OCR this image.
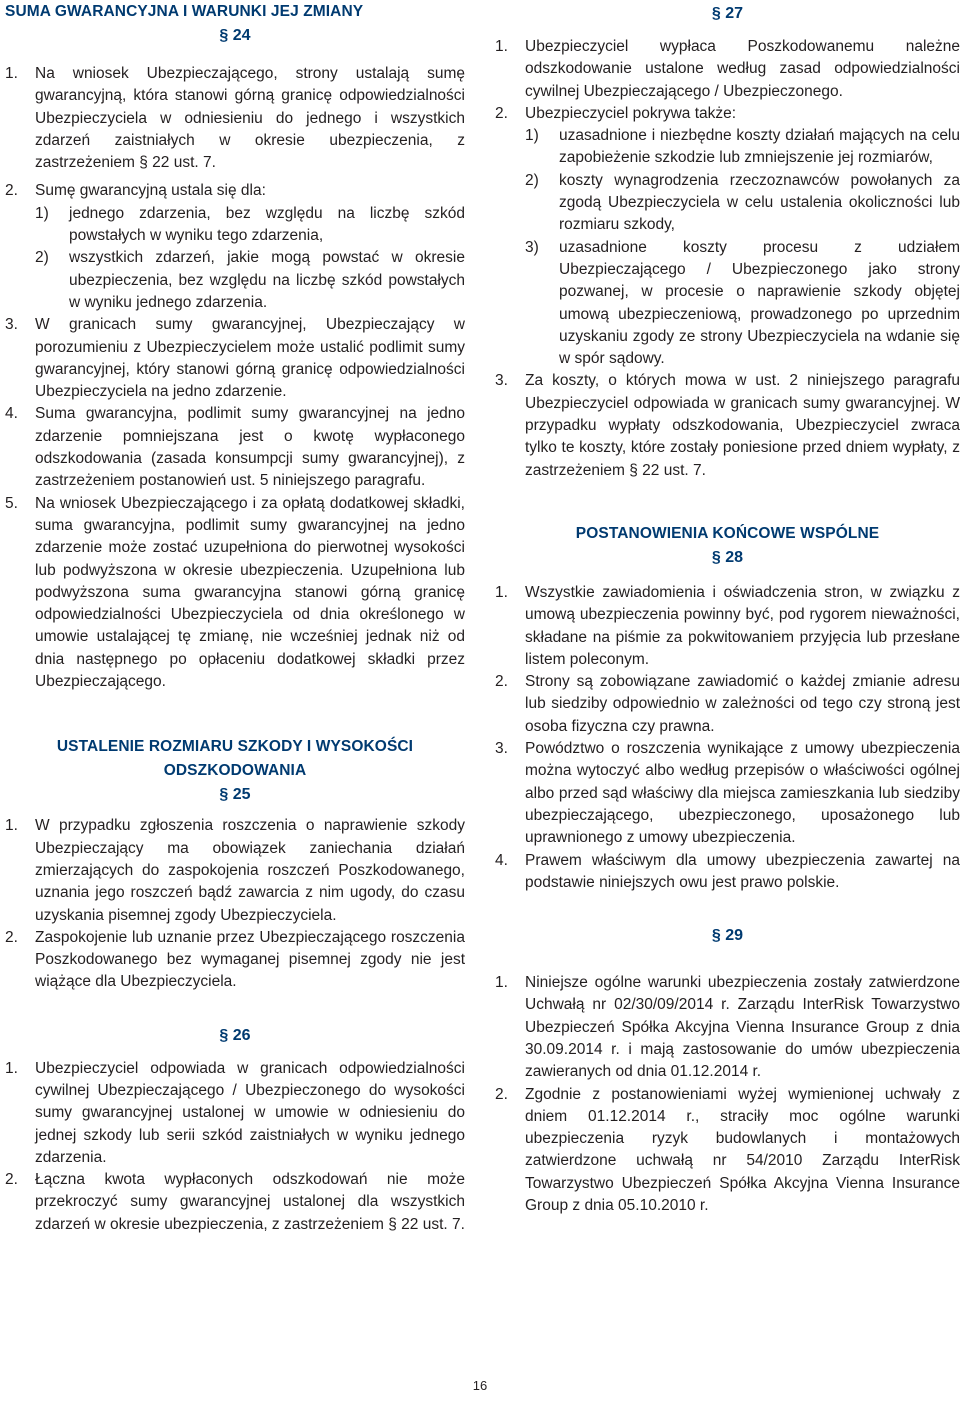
SUMA GWARANCYJNA I WARUNKI JEJ ZMIANY
§ 24
1.	Na wniosek Ubezpieczającego, strony ustalają sumę gwarancyjną, która stanowi górną granicę odpowiedzialności Ubezpieczyciela w odniesieniu do jednego i wszystkich zdarzeń zaistniałych w okresie ubezpieczenia, z zastrzeżeniem § 22 ust. 7.
2.	Sumę gwarancyjną ustala się dla:
1) jednego zdarzenia, bez względu na liczbę szkód powstałych w wyniku tego zdarzenia,
2) wszystkich zdarzeń, jakie mogą powstać w okresie ubezpieczenia, bez względu na liczbę szkód powstałych w wyniku jednego zdarzenia.
3.	W granicach sumy gwarancyjnej, Ubezpieczający w porozumieniu z Ubezpieczycielem może ustalić podlimit sumy gwarancyjnej, który stanowi górną granicę odpowiedzialności Ubezpieczyciela na jedno zdarzenie.
4.	Suma gwarancyjna, podlimit sumy gwarancyjnej na jedno zdarzenie pomniejszana jest o kwotę wypłaconego odszkodowania (zasada konsumpcji sumy gwarancyjnej), z zastrzeżeniem postanowień ust. 5 niniejszego paragrafu.
5.	Na wniosek Ubezpieczającego i za opłatą dodatkowej składki, suma gwarancyjna, podlimit sumy gwarancyjnej na jedno zdarzenie może zostać uzupełniona do pierwotnej wysokości lub podwyższona w okresie ubezpieczenia. Uzupełniona lub podwyższona suma gwarancyjna stanowi górną granicę odpowiedzialności Ubezpieczyciela od dnia określonego w umowie ustalającej tę zmianę, nie wcześniej jednak niż od dnia następnego po opłaceniu dodatkowej składki przez Ubezpieczającego.
USTALENIE ROZMIARU SZKODY I WYSOKOŚCI
ODSZKODOWANIA
§ 25
1.	W przypadku zgłoszenia roszczenia o naprawienie szkody Ubezpieczający ma obowiązek zaniechania działań zmierzających do zaspokojenia roszczeń Poszkodowanego, uznania jego roszczeń bądź zawarcia z nim ugody, do czasu uzyskania pisemnej zgody Ubezpieczyciela.
2.	Zaspokojenie lub uznanie przez Ubezpieczającego roszczenia Poszkodowanego bez wymaganej pisemnej zgody nie jest wiążące dla Ubezpieczyciela.
§ 26
1.	Ubezpieczyciel odpowiada w granicach odpowiedzialności cywilnej Ubezpieczającego / Ubezpieczonego do wysokości sumy gwarancyjnej ustalonej w umowie w odniesieniu do jednej szkody lub serii szkód zaistniałych w wyniku jednego zdarzenia.
2.	Łączna kwota wypłaconych odszkodowań nie może przekroczyć sumy gwarancyjnej ustalonej dla wszystkich zdarzeń w okresie ubezpieczenia, z zastrzeżeniem § 22 ust. 7.
§ 27
1.	Ubezpieczyciel wypłaca Poszkodowanemu należne odszkodowanie ustalone według zasad odpowiedzialności cywilnej Ubezpieczającego / Ubezpieczonego.
2.	Ubezpieczyciel pokrywa także:
1) uzasadnione i niezbędne koszty działań mających na celu zapobieżenie szkodzie lub zmniejszenie jej rozmiarów,
2) koszty wynagrodzenia rzeczoznawców powołanych za zgodą Ubezpieczyciela w celu ustalenia okoliczności lub rozmiaru szkody,
3) uzasadnione koszty procesu z udziałem Ubezpieczającego / Ubezpieczonego jako strony pozwanej, w procesie o naprawienie szkody objętej umową ubezpieczeniową, prowadzonego po uprzednim uzyskaniu zgody ze strony Ubezpieczyciela na wdanie się w spór sądowy.
3.	Za koszty, o których mowa w ust. 2 niniejszego paragrafu Ubezpieczyciel odpowiada w granicach sumy gwarancyjnej. W przypadku wypłaty odszkodowania, Ubezpieczyciel zwraca tylko te koszty, które zostały poniesione przed dniem wypłaty, z zastrzeżeniem § 22 ust. 7.
POSTANOWIENIA KOŃCOWE WSPÓLNE
§ 28
1.	Wszystkie zawiadomienia i oświadczenia stron, w związku z umową ubezpieczenia powinny być, pod rygorem nieważności, składane na piśmie za pokwitowaniem przyjęcia lub przesłane listem poleconym.
2.	Strony są zobowiązane zawiadomić o każdej zmianie adresu lub siedziby odpowiednio w zależności od tego czy stroną jest osoba fizyczna czy prawna.
3.	Powództwo o roszczenia wynikające z umowy ubezpieczenia można wytoczyć albo według przepisów o właściwości ogólnej albo przed sąd właściwy dla miejsca zamieszkania lub siedziby ubezpieczającego, ubezpieczonego, uposażonego lub uprawnionego z umowy ubezpieczenia.
4.	Prawem właściwym dla umowy ubezpieczenia zawartej na podstawie niniejszych owu jest prawo polskie.
§ 29
1.	Niniejsze ogólne warunki ubezpieczenia zostały zatwierdzone Uchwałą nr 02/30/09/2014 r. Zarządu InterRisk Towarzystwo Ubezpieczeń Spółka Akcyjna Vienna Insurance Group z dnia 30.09.2014 r. i mają zastosowanie do umów ubezpieczenia zawieranych od dnia 01.12.2014 r.
2.	Zgodnie z postanowieniami wyżej wymienionej uchwały z dniem 01.12.2014 r., straciły moc ogólne warunki ubezpieczenia ryzyk budowlanych i montażowych zatwierdzone uchwałą nr 54/2010 Zarządu InterRisk Towarzystwo Ubezpieczeń Spółka Akcyjna Vienna Insurance Group z dnia 05.10.2010 r.
16
